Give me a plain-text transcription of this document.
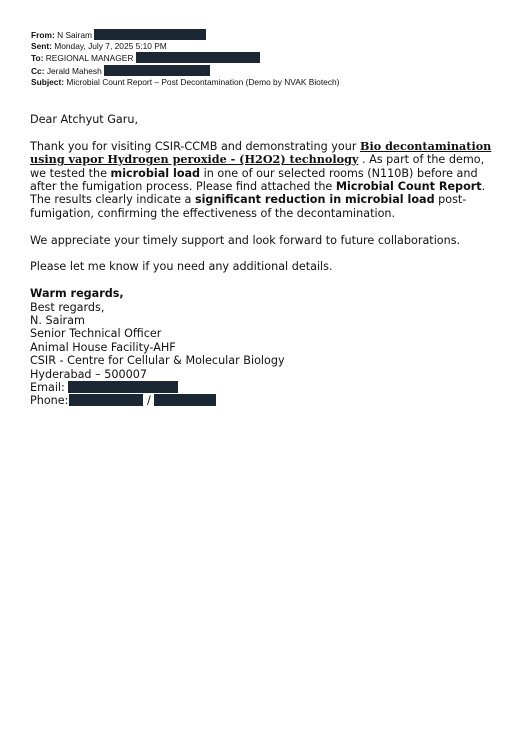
From: N Sairam
Sent: Monday, July 7, 2025 5:10 PM
To: REGIONAL MANAGER
Cc: Jerald Mahesh
Subject: Microbial Count Report – Post Decontamination (Demo by NVAK Biotech)

Dear Atchyut Garu,

Thank you for visiting CSIR-CCMB and demonstrating your Bio decontamination using vapor Hydrogen peroxide - (H2O2) technology . As part of the demo, we tested the microbial load in one of our selected rooms (N110B) before and after the fumigation process. Please find attached the Microbial Count Report. The results clearly indicate a significant reduction in microbial load post-fumigation, confirming the effectiveness of the decontamination.

We appreciate your timely support and look forward to future collaborations.

Please let me know if you need any additional details.

Warm regards,
Best regards,
N. Sairam
Senior Technical Officer
Animal House Facility-AHF
CSIR - Centre for Cellular & Molecular Biology
Hyderabad – 500007
Email:
Phone:	/
